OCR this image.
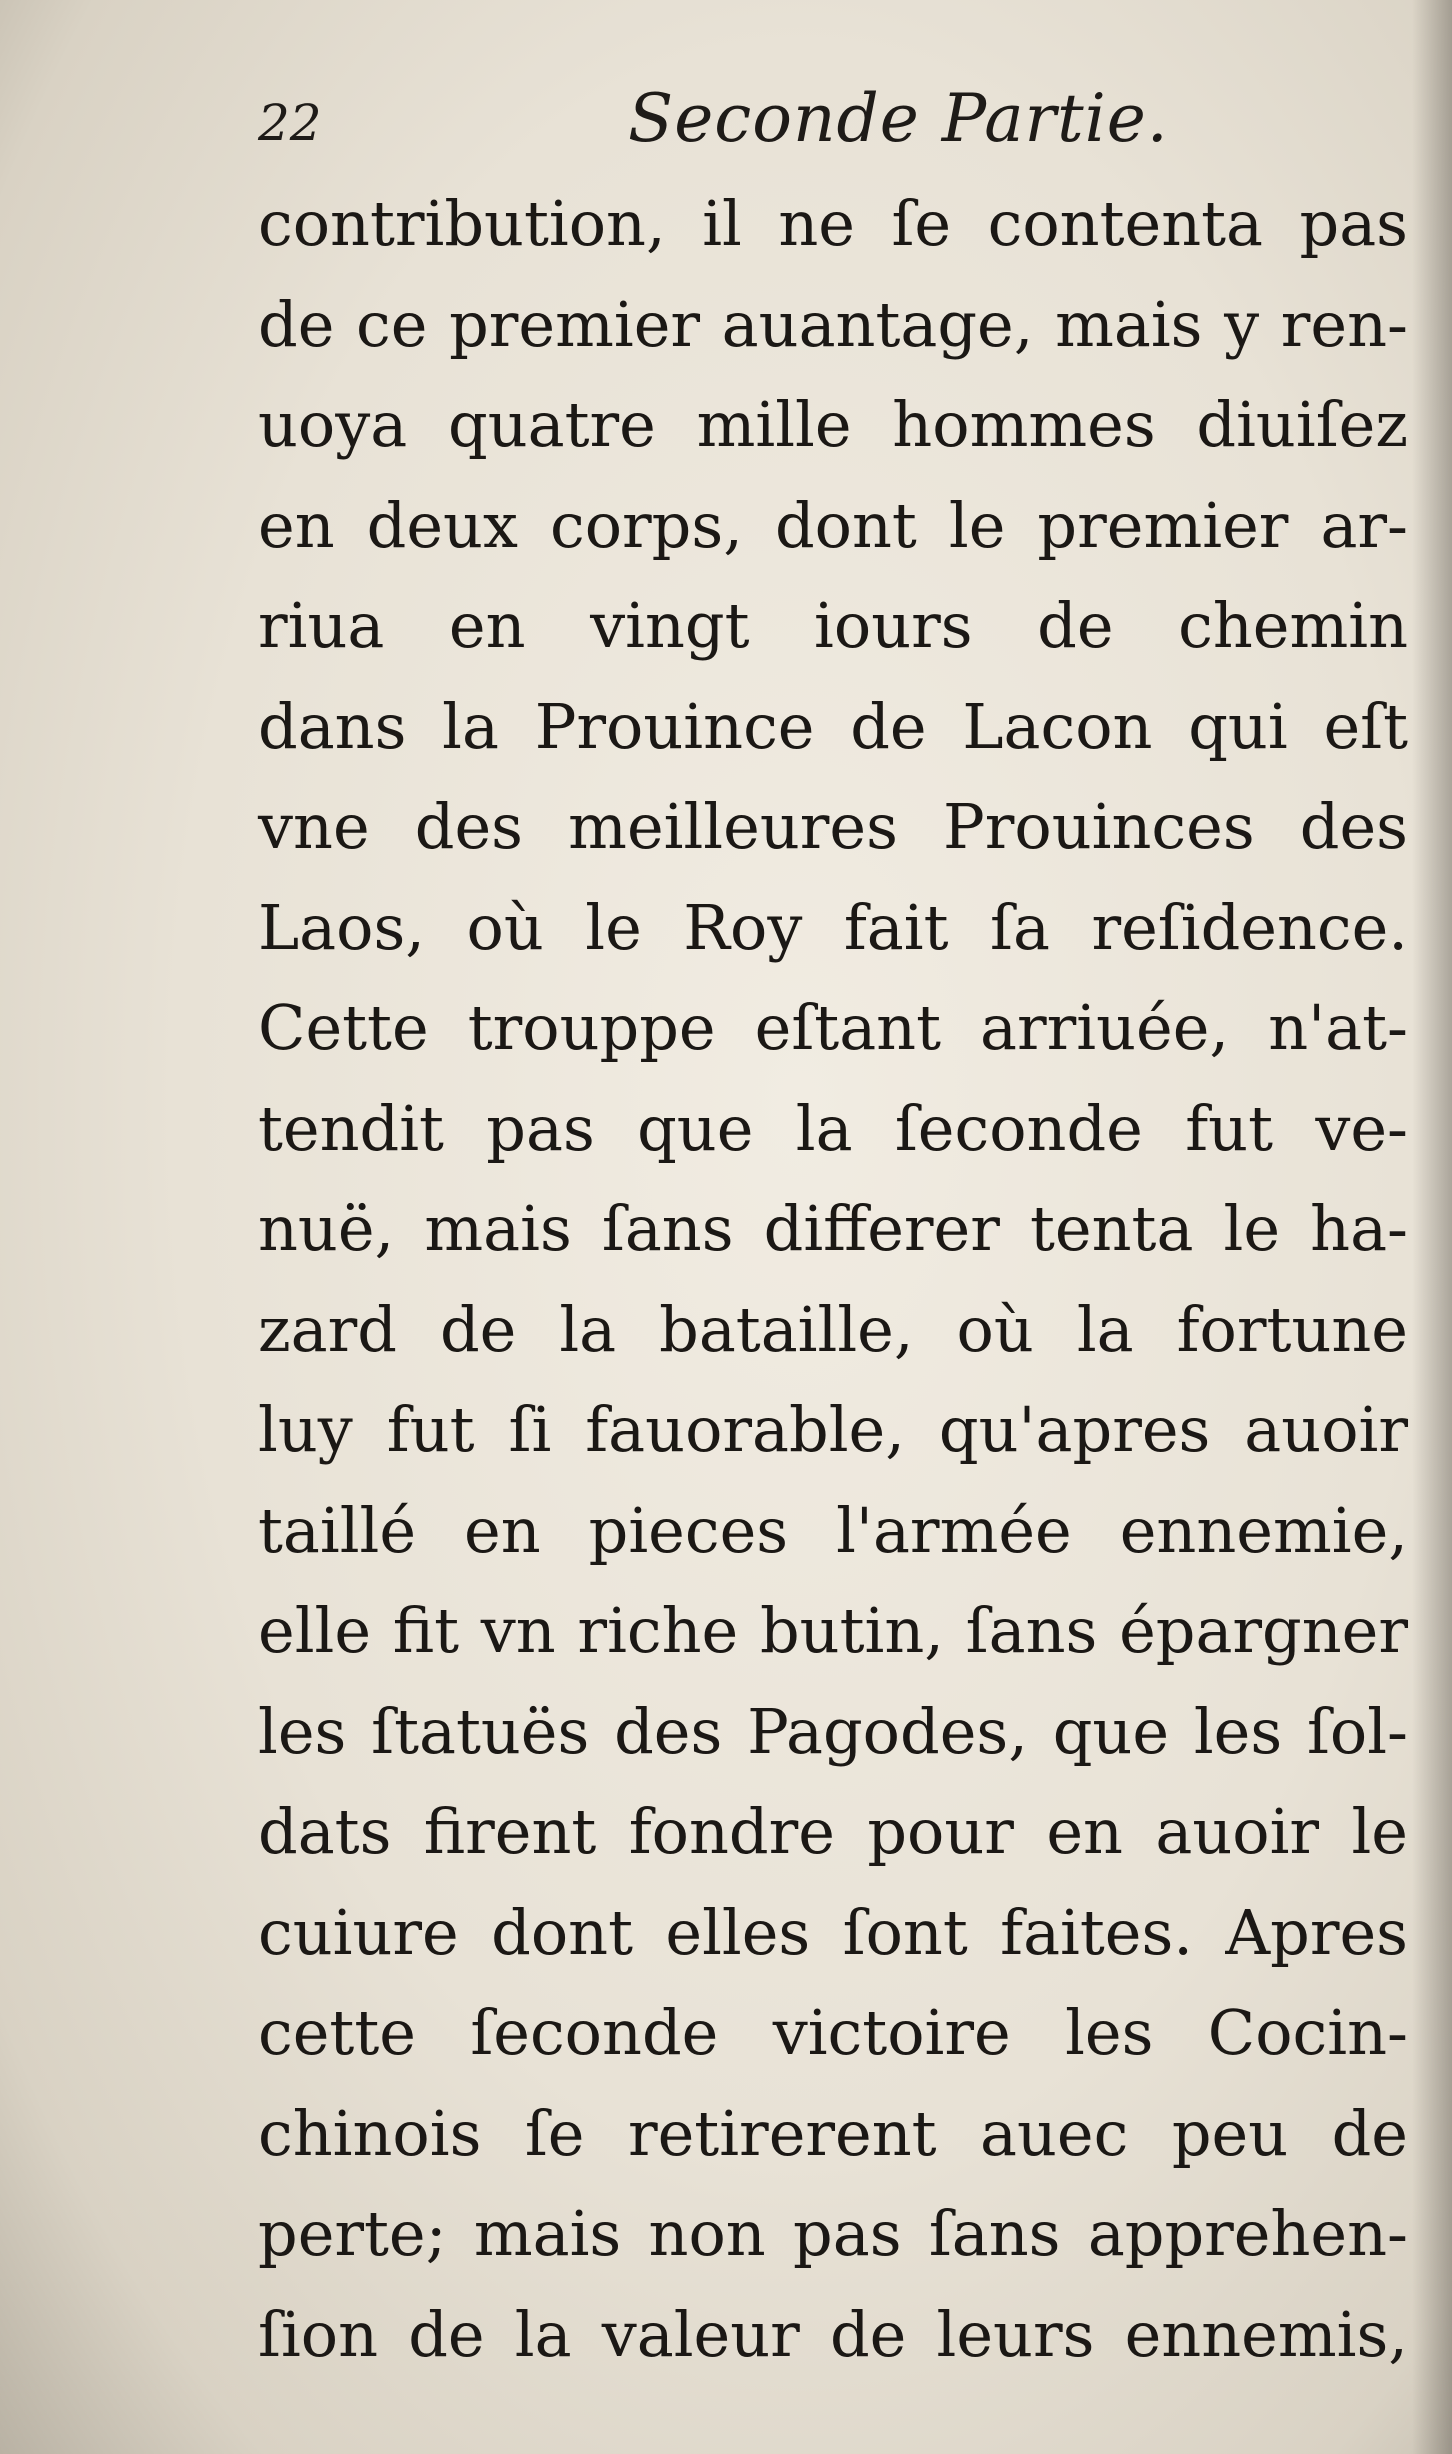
22	Seconde Partie.
contribution, il ne ſe contenta pas
de ce premier auantage, mais y ren-
uoya quatre mille hommes diuiſez
en deux corps, dont le premier ar-
riua en vingt iours de chemin
dans la Prouince de Lacon qui eſt
vne des meilleures Prouinces des
Laos, où le Roy fait ſa reſidence.
Cette trouppe eſtant arriuée, n'at-
tendit pas que la ſeconde fut ve-
nuë, mais ſans differer tenta le ha-
zard de la bataille, où la fortune
luy fut ſi fauorable, qu'apres auoir
taillé en pieces l'armée ennemie,
elle fit vn riche butin, ſans épargner
les ſtatuës des Pagodes, que les ſol-
dats firent fondre pour en auoir le
cuiure dont elles ſont faites. Apres
cette ſeconde victoire les Cocin-
chinois ſe retirerent auec peu de
perte; mais non pas ſans apprehen-
ſion de la valeur de leurs ennemis,
